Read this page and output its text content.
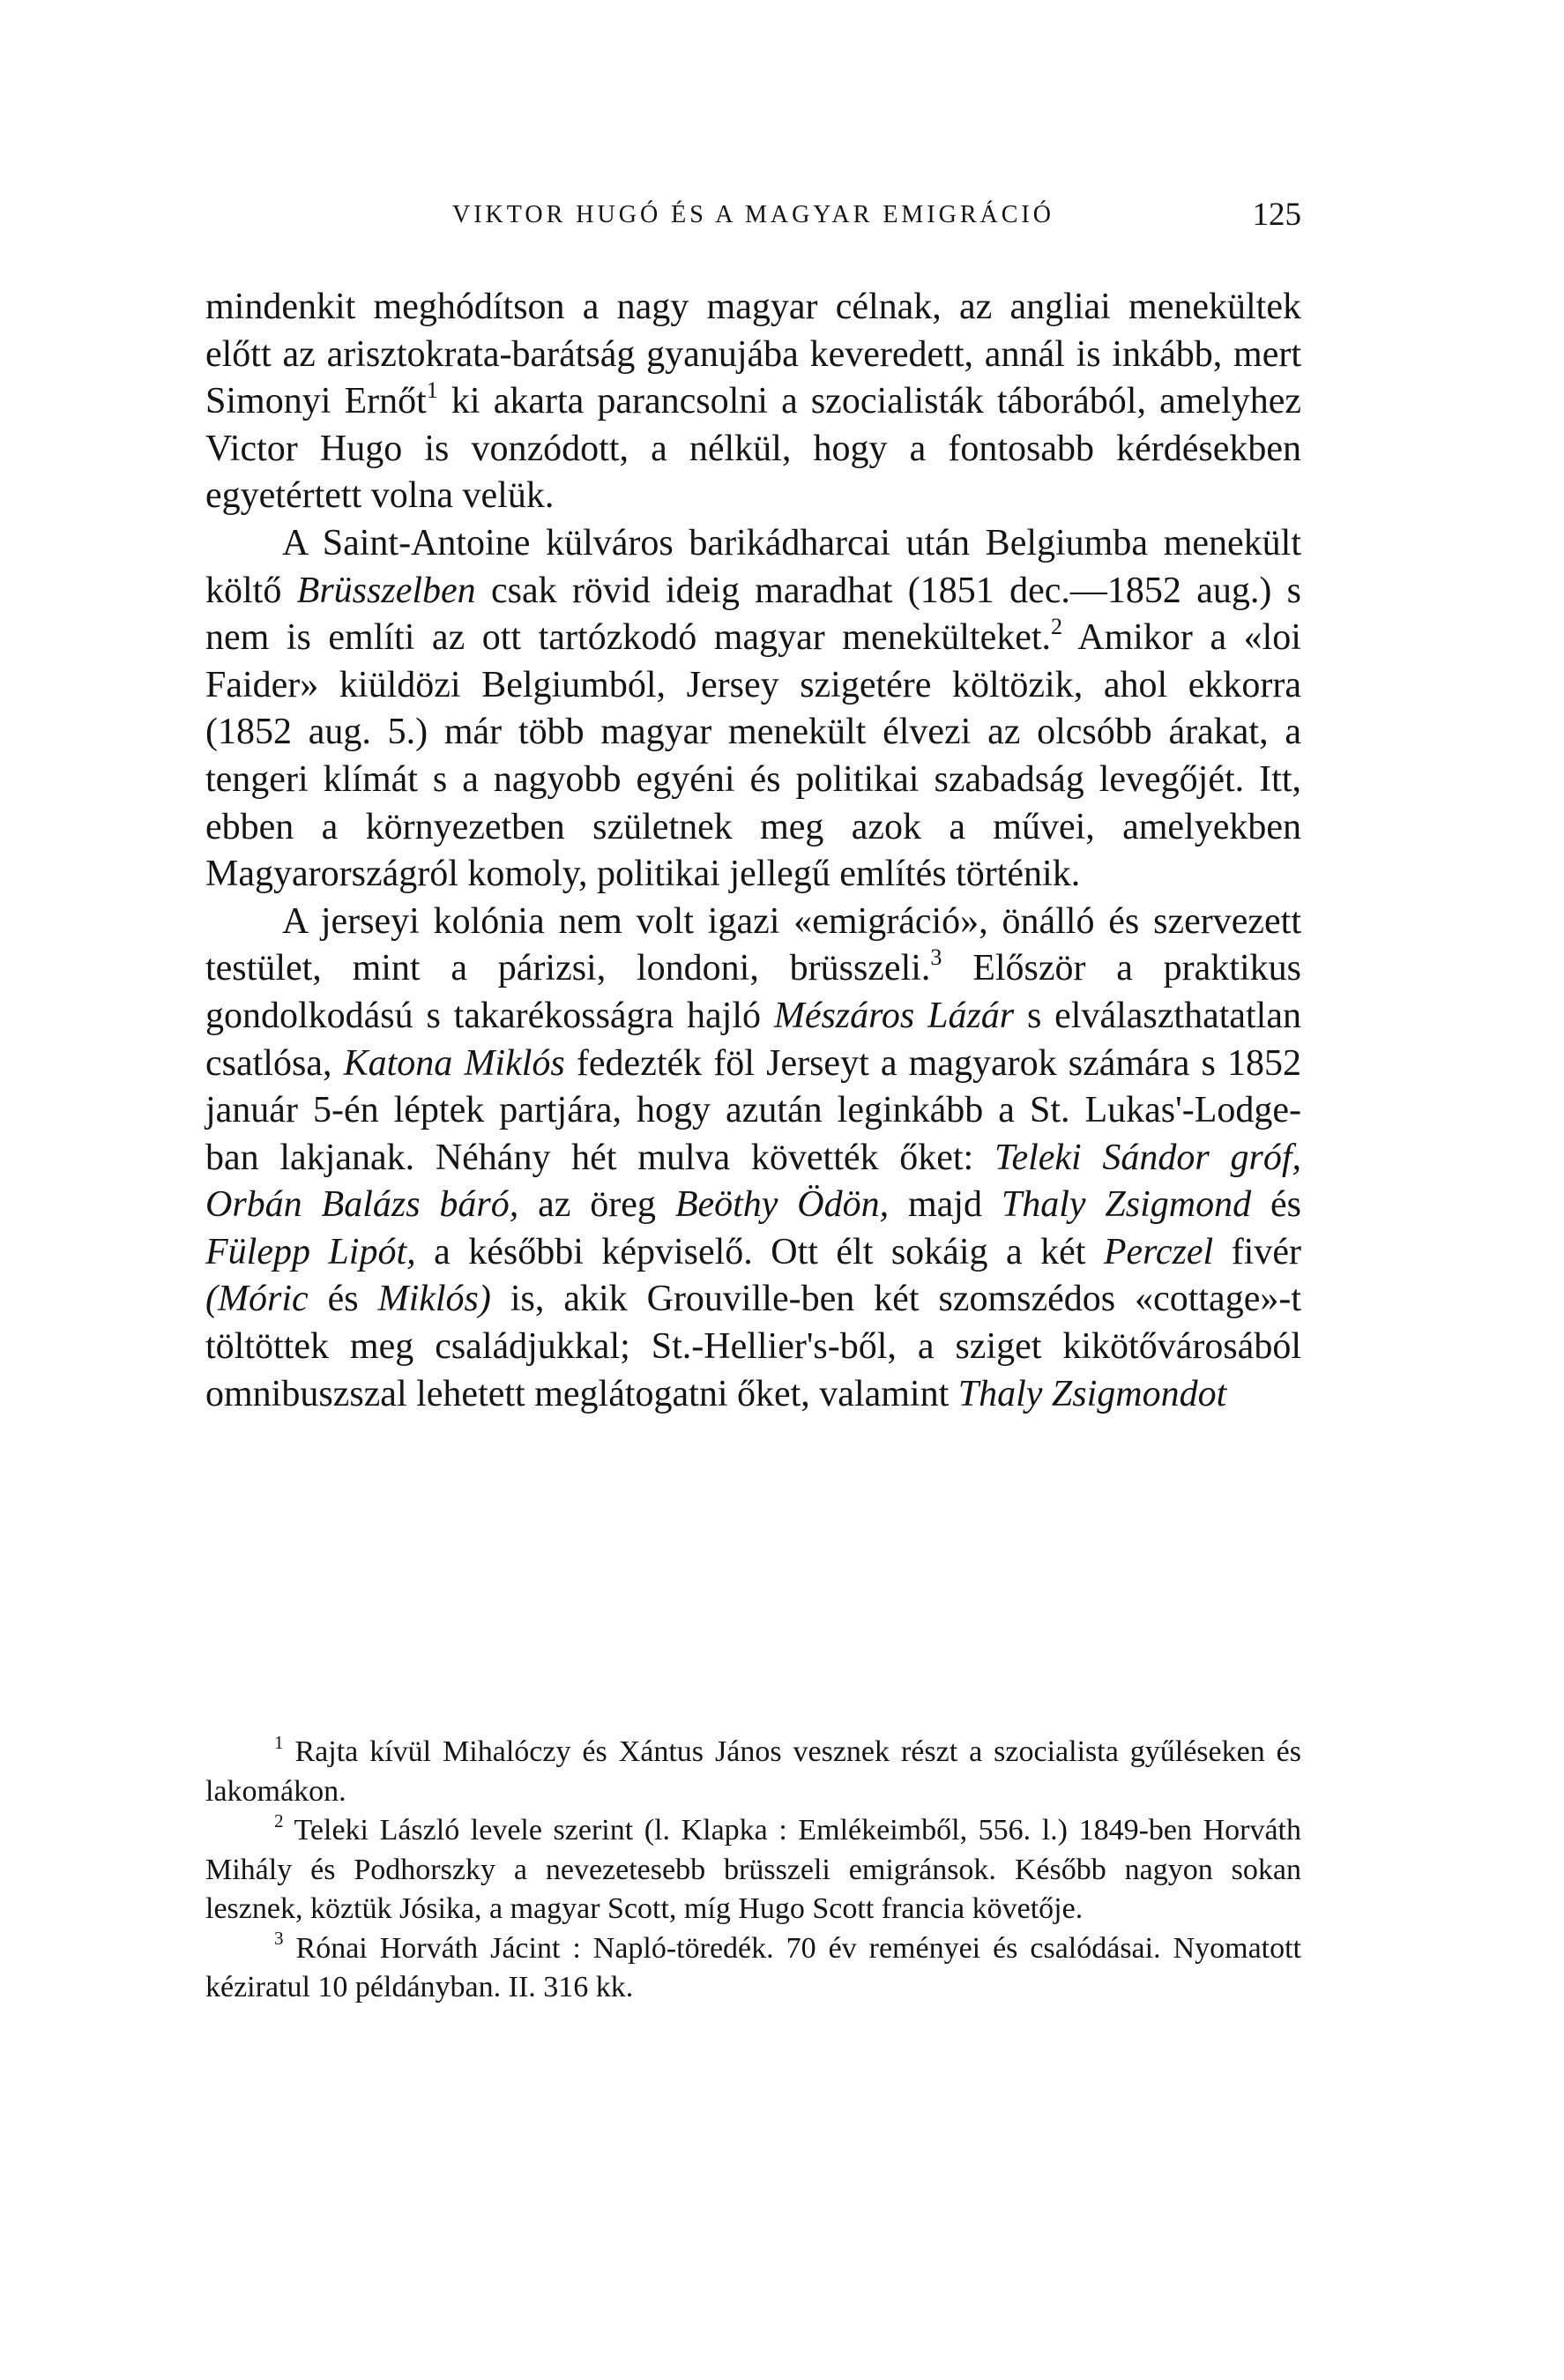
VIKTOR HUGÓ ÉS A MAGYAR EMIGRÁCIÓ	125

mindenkit meghódítson a nagy magyar célnak, az angliai menekültek előtt az arisztokrata-barátság gyanujába keveredett, annál is inkább, mert Simonyi Ernőt$^1$ ki akarta parancsolni a szocialisták táborából, amelyhez Victor Hugo is vonzódott, a nélkül, hogy a fontosabb kérdésekben egyetértett volna velük.

A Saint-Antoine külváros barikádharcai után Belgiumba menekült költő Brüsszelben csak rövid ideig maradhat (1851 dec.—1852 aug.) s nem is említi az ott tartózkodó magyar menekülteket.$^2$ Amikor a «loi Faider» kiüldözi Belgiumból, Jersey szigetére költözik, ahol ekkorra (1852 aug. 5.) már több magyar menekült élvezi az olcsóbb árakat, a tengeri klímát s a nagyobb egyéni és politikai szabadság levegőjét. Itt, ebben a környezetben születnek meg azok a művei, amelyekben Magyarországról komoly, politikai jellegű említés történik.

A jerseyi kolónia nem volt igazi «emigráció», önálló és szervezett testület, mint a párizsi, londoni, brüsszeli.$^3$ Először a praktikus gondolkodású s takarékosságra hajló Mészáros Lázár s elválaszthatatlan csatlósa, Katona Miklós fedezték föl Jerseyt a magyarok számára s 1852 január 5-én léptek partjára, hogy azután leginkább a St. Lukas'-Lodge-ban lakjanak. Néhány hét mulva követték őket: Teleki Sándor gróf, Orbán Balázs báró, az öreg Beöthy Ödön, majd Thaly Zsigmond és Fülepp Lipót, a későbbi képviselő. Ott élt sokáig a két Perczel fivér (Móric és Miklós) is, akik Grouville-ben két szomszédos «cottage»-t töltöttek meg családjukkal; St.-Hellier's-ből, a sziget kikötővárosából omnibuszszal lehetett meglátogatni őket, valamint Thaly Zsigmondot

$^1$ Rajta kívül Mihalóczy és Xántus János vesznek részt a szocialista gyűléseken és lakomákon.

$^2$ Teleki László levele szerint (l. Klapka : Emlékeimből, 556. l.) 1849-ben Horváth Mihály és Podhorszky a nevezetesebb brüsszeli emigránsok. Később nagyon sokan lesznek, köztük Jósika, a magyar Scott, míg Hugo Scott francia követője.

$^3$ Rónai Horváth Jácint : Napló-töredék. 70 év reményei és csalódásai. Nyomatott kéziratul 10 példányban. II. 316 kk.
